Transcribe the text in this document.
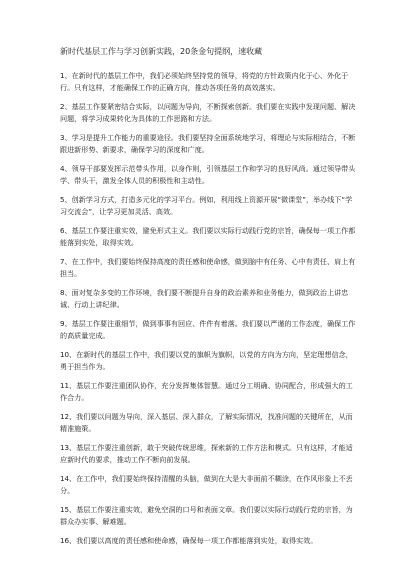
新时代基层工作与学习创新实践，20条金句提纲，速收藏

1、在新时代的基层工作中，我们必须始终坚持党的领导，将党的方针政策内化于心、外化于行。只有这样，才能确保工作的正确方向，推动各项任务的高效落实。

2、基层工作要紧密结合实际，以问题为导向，不断探索创新。我们要在实践中发现问题、解决问题，将学习成果转化为具体的工作思路和方法。

3、学习是提升工作能力的重要途径。我们要坚持全面系统地学习，将理论与实际相结合，不断跟进新形势、新要求，确保学习的深度和广度。

4、领导干部要发挥示范带头作用，以身作则，引领基层工作和学习的良好风尚。通过领导带头学、带头干，激发全体人员的积极性和主动性。

5、创新学习方式，打造多元化的学习平台。例如，利用线上资源开展“微课堂”，举办线下“学习交流会”，让学习更加灵活、高效。

6、基层工作要注重实效，避免形式主义。我们要以实际行动践行党的宗旨，确保每一项工作都能落到实处，取得实效。

7、在工作中，我们要始终保持高度的责任感和使命感，做到脑中有任务、心中有责任、肩上有担当。

8、面对复杂多变的工作环境，我们要不断提升自身的政治素养和业务能力，做到政治上讲忠诚、行动上讲纪律。

9、基层工作要注重细节，做到事事有回应、件件有着落。我们要以严谨的工作态度，确保工作的高质量完成。

10、在新时代的基层工作中，我们要以党的旗帜为旗帜，以党的方向为方向，坚定理想信念，勇于担当作为。

11、基层工作要注重团队协作，充分发挥集体智慧。通过分工明确、协同配合，形成强大的工作合力。

12、我们要以问题为导向，深入基层、深入群众，了解实际情况，找准问题的关键所在，从而精准施策。

13、基层工作要注重创新，敢于突破传统思维，探索新的工作方法和模式。只有这样，才能适应新时代的要求，推动工作不断向前发展。

14、在工作中，我们要始终保持清醒的头脑，做到在大是大非面前不糊涂，在作风形象上不丢分。

15、基层工作要注重实效，避免空洞的口号和表面文章。我们要以实际行动践行党的宗旨，为群众办实事、解难题。

16、我们要以高度的责任感和使命感，确保每一项工作都能落到实处，取得实效。
